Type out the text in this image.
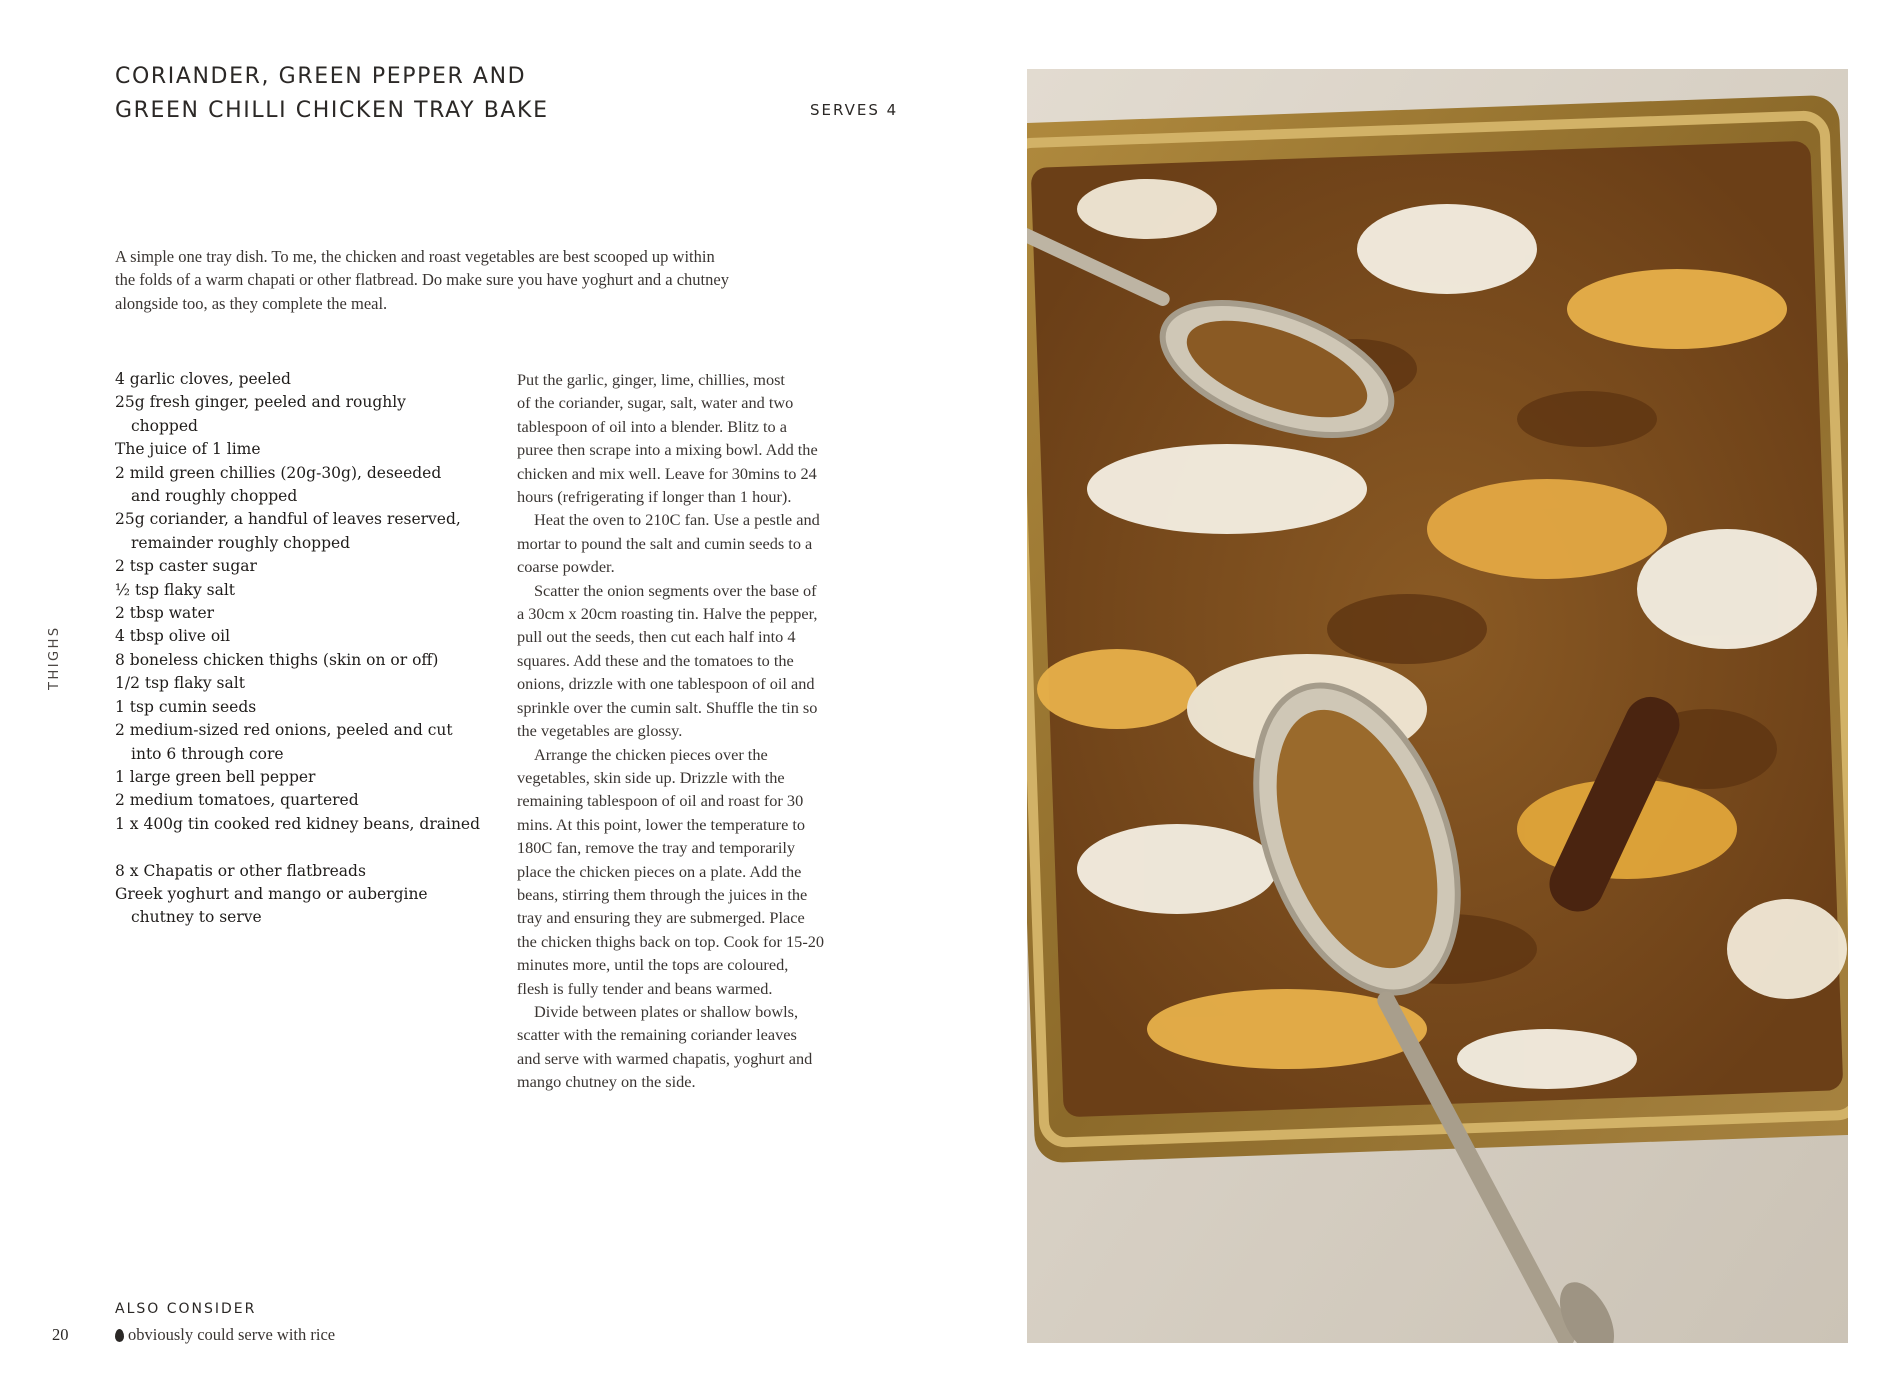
CORIANDER, GREEN PEPPER AND
GREEN CHILLI CHICKEN TRAY BAKE	SERVES 4
A simple one tray dish. To me, the chicken and roast vegetables are best scooped up within
the folds of a warm chapati or other flatbread. Do make sure you have yoghurt and a chutney
alongside too, as they complete the meal.
4 garlic cloves, peeled
25g fresh ginger, peeled and roughly
chopped
The juice of 1 lime
2 mild green chillies (20g-30g), deseeded
and roughly chopped
25g coriander, a handful of leaves reserved,
remainder roughly chopped
2 tsp caster sugar
½ tsp flaky salt
2 tbsp water
4 tbsp olive oil
8 boneless chicken thighs (skin on or off)
1/2 tsp flaky salt
1 tsp cumin seeds
2 medium-sized red onions, peeled and cut
into 6 through core
1 large green bell pepper
2 medium tomatoes, quartered
1 x 400g tin cooked red kidney beans, drained
8 x Chapatis or other flatbreads
Greek yoghurt and mango or aubergine
chutney to serve
Put the garlic, ginger, lime, chillies, most
of the coriander, sugar, salt, water and two
tablespoon of oil into a blender. Blitz to a
puree then scrape into a mixing bowl. Add the
chicken and mix well. Leave for 30mins to 24
hours (refrigerating if longer than 1 hour).
Heat the oven to 210C fan. Use a pestle and
mortar to pound the salt and cumin seeds to a
coarse powder.
Scatter the onion segments over the base of
a 30cm x 20cm roasting tin. Halve the pepper,
pull out the seeds, then cut each half into 4
squares. Add these and the tomatoes to the
onions, drizzle with one tablespoon of oil and
sprinkle over the cumin salt. Shuffle the tin so
the vegetables are glossy.
Arrange the chicken pieces over the
vegetables, skin side up. Drizzle with the
remaining tablespoon of oil and roast for 30
mins. At this point, lower the temperature to
180C fan, remove the tray and temporarily
place the chicken pieces on a plate. Add the
beans, stirring them through the juices in the
tray and ensuring they are submerged. Place
the chicken thighs back on top. Cook for 15-20
minutes more, until the tops are coloured,
flesh is fully tender and beans warmed.
Divide between plates or shallow bowls,
scatter with the remaining coriander leaves
and serve with warmed chapatis, yoghurt and
mango chutney on the side.
THIGHS
ALSO CONSIDER
obviously could serve with rice
20
